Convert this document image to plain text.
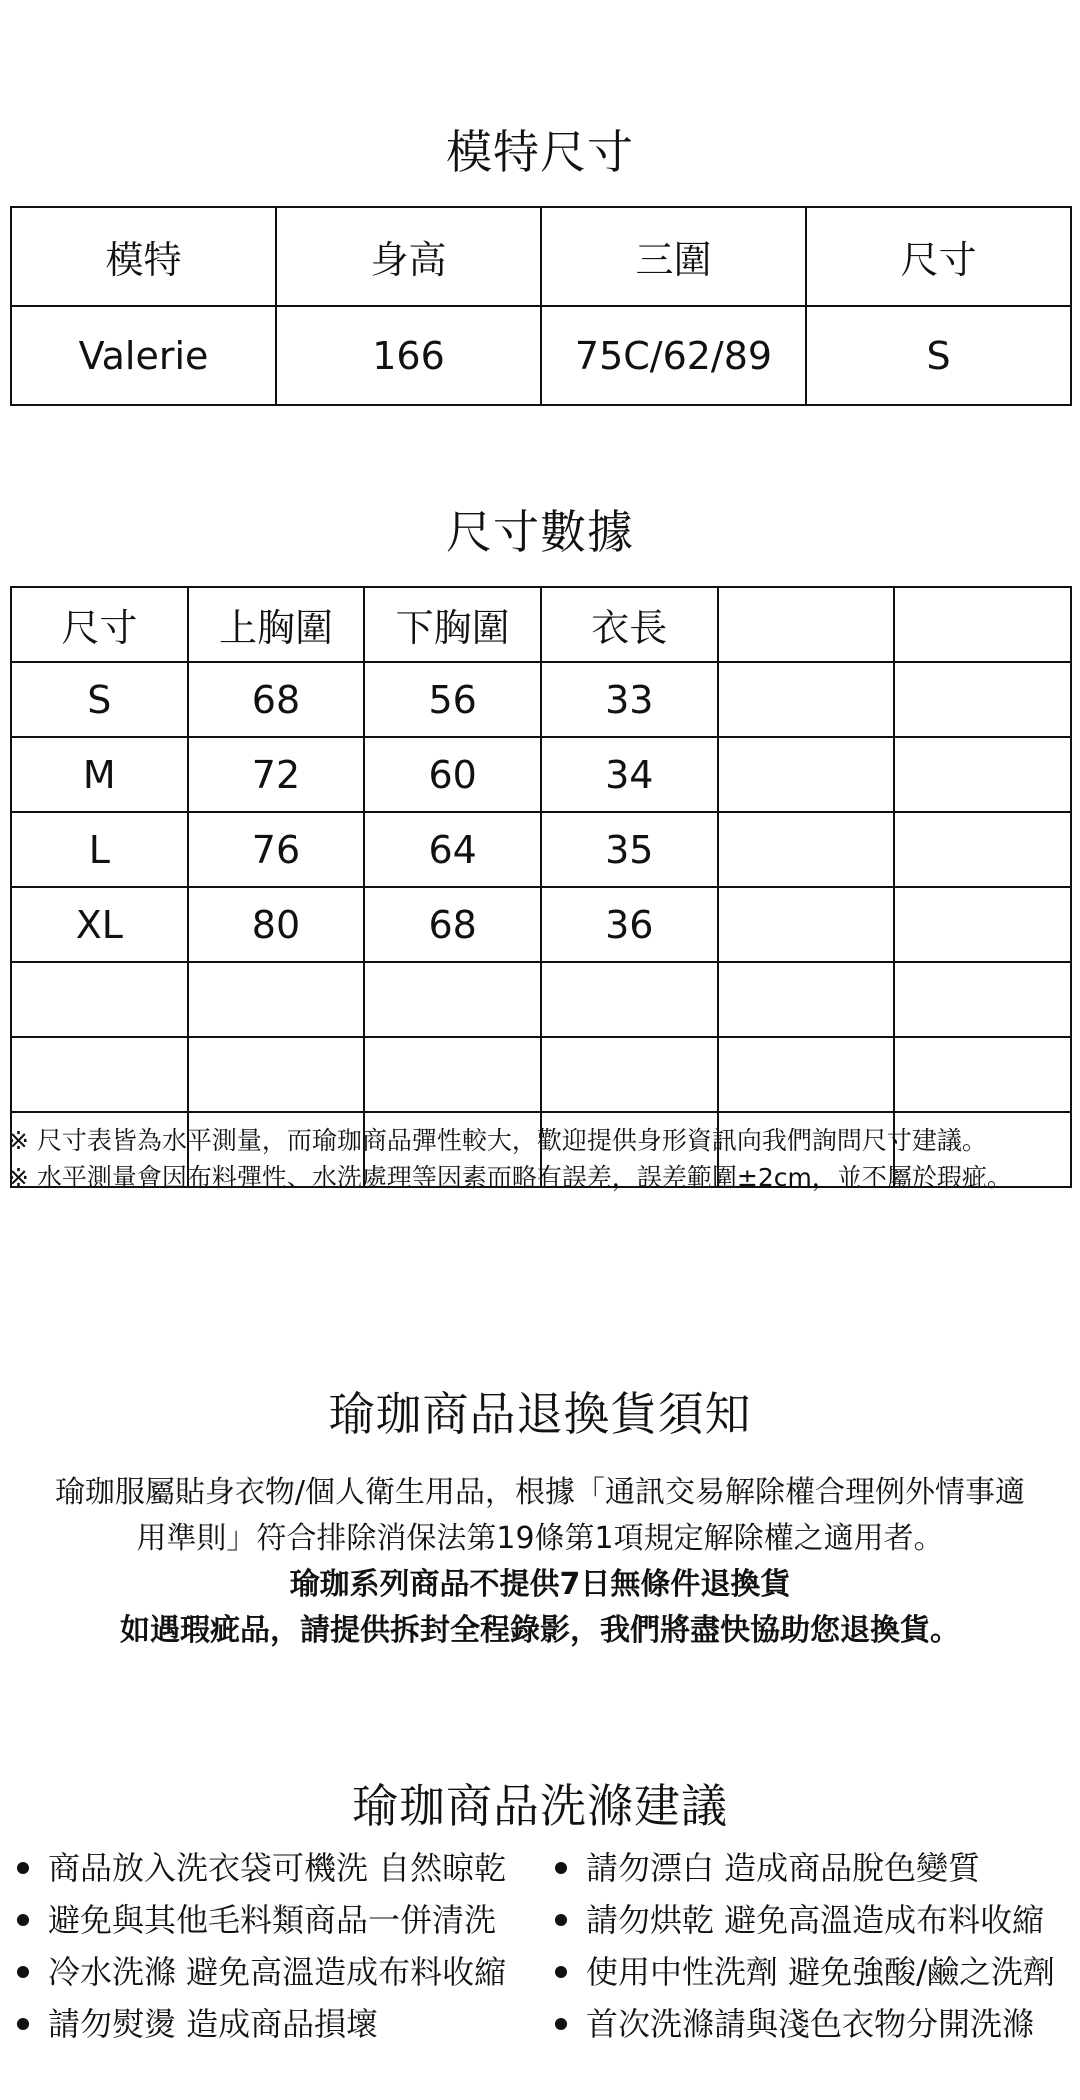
模特尺寸
模特	身高	三圍	尺寸
Valerie	166	75C/62/89	S
尺寸數據
尺寸	上胸圍	下胸圍	衣長		
S	68	56	33		
M	72	60	34		
L	76	64	35		
XL	80	68	36		

※ 尺寸表皆為水平測量，而瑜珈商品彈性較大，歡迎提供身形資訊向我們詢問尺寸建議。
※ 水平測量會因布料彈性、水洗處理等因素而略有誤差，誤差範圍±2cm，並不屬於瑕疵。
瑜珈商品退換貨須知
瑜珈服屬貼身衣物/個人衛生用品，根據「通訊交易解除權合理例外情事適
用準則」符合排除消保法第19條第1項規定解除權之適用者。
瑜珈系列商品不提供7日無條件退換貨
如遇瑕疵品，請提供拆封全程錄影，我們將盡快協助您退換貨。
瑜珈商品洗滌建議
商品放入洗衣袋可機洗 自然晾乾
避免與其他毛料類商品一併清洗
冷水洗滌 避免高溫造成布料收縮
請勿熨燙 造成商品損壞
請勿漂白 造成商品脫色變質
請勿烘乾 避免高溫造成布料收縮
使用中性洗劑 避免強酸/鹼之洗劑
首次洗滌請與淺色衣物分開洗滌
